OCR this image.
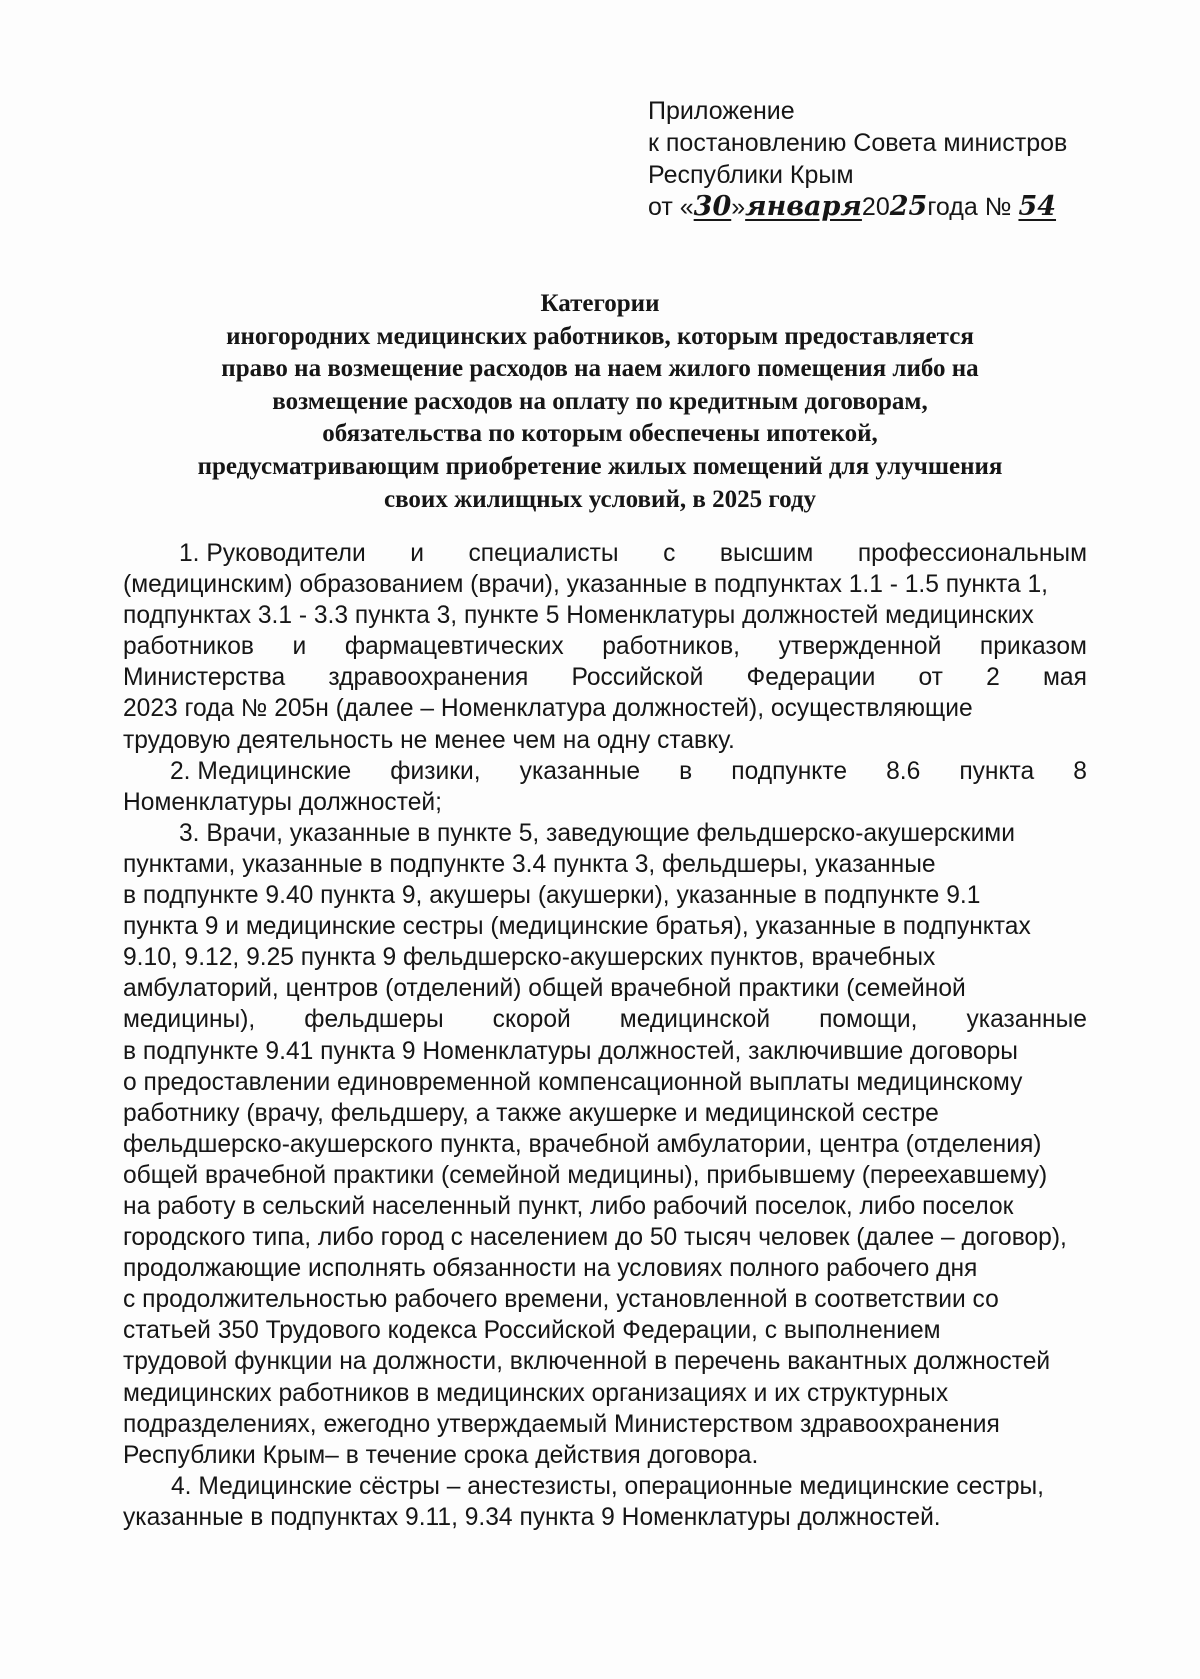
Приложение
к постановлению Совета министров
Республики Крым
от «30»января2025года № 54
Категории
иногородних медицинских работников, которым предоставляется
право на возмещение расходов на наем жилого помещения либо на
возмещение расходов на оплату по кредитным договорам,
обязательства по которым обеспечены ипотекой,
предусматривающим приобретение жилых помещений для улучшения
своих жилищных условий, в 2025 году
1. Руководители и специалисты с высшим профессиональным
(медицинским) образованием (врачи), указанные в подпунктах 1.1 - 1.5 пункта 1,
подпунктах 3.1 - 3.3 пункта 3, пункте 5 Номенклатуры должностей медицинских
работников и фармацевтических работников, утвержденной приказом
Министерства здравоохранения Российской Федерации от 2 мая
2023 года № 205н (далее – Номенклатура должностей), осуществляющие
трудовую деятельность не менее чем на одну ставку.
2. Медицинские физики, указанные в подпункте 8.6 пункта 8
Номенклатуры должностей;
3. Врачи, указанные в пункте 5, заведующие фельдшерско-акушерскими
пунктами, указанные в подпункте 3.4 пункта 3, фельдшеры, указанные
в подпункте 9.40 пункта 9, акушеры (акушерки), указанные в подпункте 9.1
пункта 9 и медицинские сестры (медицинские братья), указанные в подпунктах
9.10, 9.12, 9.25 пункта 9 фельдшерско-акушерских пунктов, врачебных
амбулаторий, центров (отделений) общей врачебной практики (семейной
медицины), фельдшеры скорой медицинской помощи, указанные
в подпункте 9.41 пункта 9 Номенклатуры должностей, заключившие договоры
о предоставлении единовременной компенсационной выплаты медицинскому
работнику (врачу, фельдшеру, а также акушерке и медицинской сестре
фельдшерско-акушерского пункта, врачебной амбулатории, центра (отделения)
общей врачебной практики (семейной медицины), прибывшему (переехавшему)
на работу в сельский населенный пункт, либо рабочий поселок, либо поселок
городского типа, либо город с населением до 50 тысяч человек (далее – договор),
продолжающие исполнять обязанности на условиях полного рабочего дня
с продолжительностью рабочего времени, установленной в соответствии со
статьей 350 Трудового кодекса Российской Федерации, с выполнением
трудовой функции на должности, включенной в перечень вакантных должностей
медицинских работников в медицинских организациях и их структурных
подразделениях, ежегодно утверждаемый Министерством здравоохранения
Республики Крым– в течение срока действия договора.
4. Медицинские сёстры – анестезисты, операционные медицинские сестры,
указанные в подпунктах 9.11, 9.34 пункта 9 Номенклатуры должностей.
